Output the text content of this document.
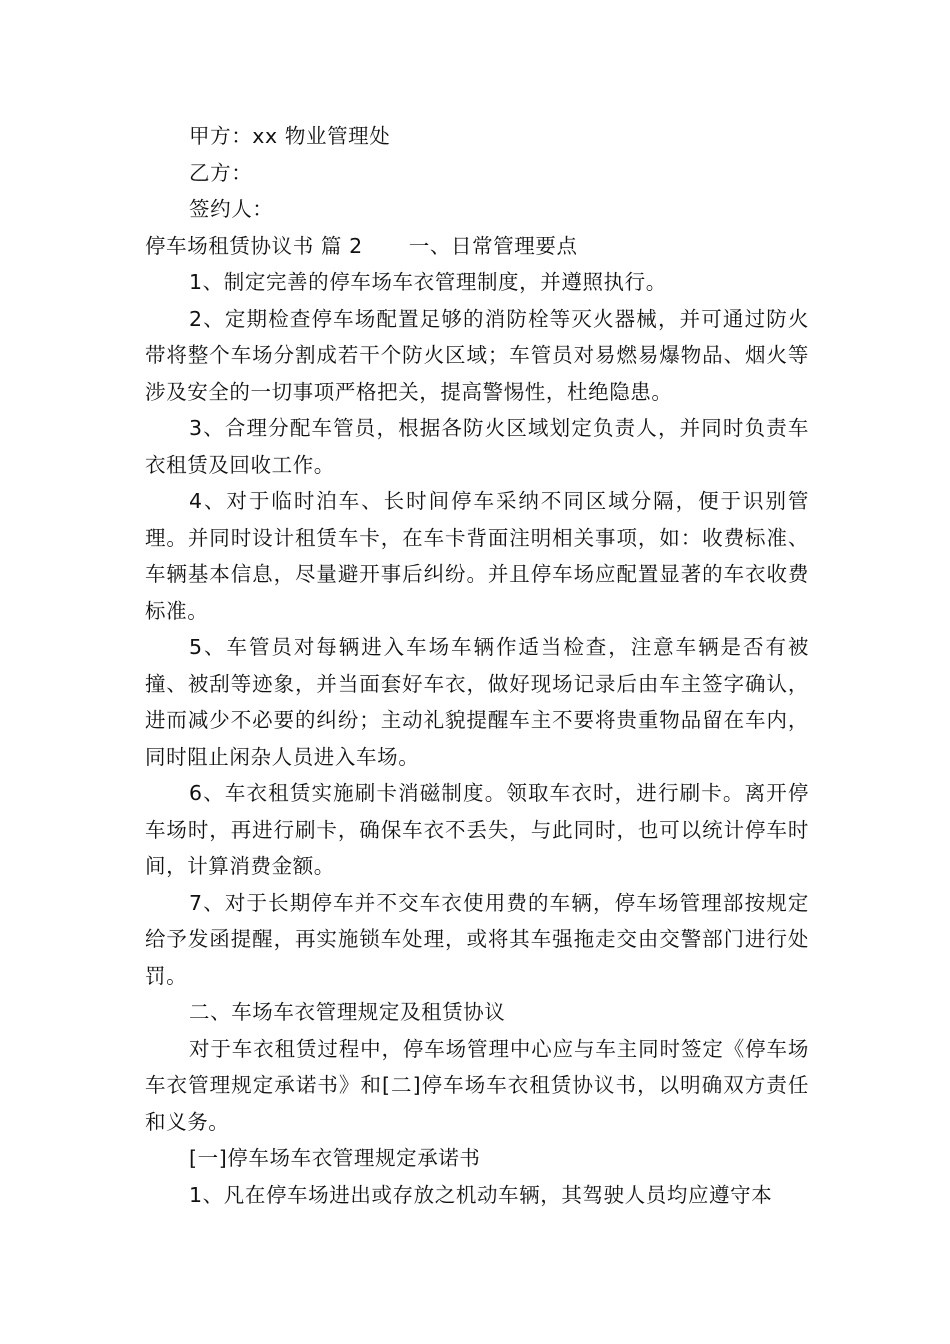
甲方：xx 物业管理处
乙方：
签约人：
停车场租赁协议书 篇 2 一、日常管理要点

1、制定完善的停车场车衣管理制度，并遵照执行。

2、定期检查停车场配置足够的消防栓等灭火器械，并可通过防火带将整个车场分割成若干个防火区域；车管员对易燃易爆物品、烟火等涉及安全的一切事项严格把关，提高警惕性，杜绝隐患。

3、合理分配车管员，根据各防火区域划定负责人，并同时负责车衣租赁及回收工作。

4、对于临时泊车、长时间停车采纳不同区域分隔，便于识别管理。并同时设计租赁车卡，在车卡背面注明相关事项，如：收费标准、车辆基本信息，尽量避开事后纠纷。并且停车场应配置显著的车衣收费标准。

5、车管员对每辆进入车场车辆作适当检查，注意车辆是否有被撞、被刮等迹象，并当面套好车衣，做好现场记录后由车主签字确认，进而减少不必要的纠纷；主动礼貌提醒车主不要将贵重物品留在车内，同时阻止闲杂人员进入车场。

6、车衣租赁实施刷卡消磁制度。领取车衣时，进行刷卡。离开停车场时，再进行刷卡，确保车衣不丢失，与此同时，也可以统计停车时间，计算消费金额。

7、对于长期停车并不交车衣使用费的车辆，停车场管理部按规定给予发函提醒，再实施锁车处理，或将其车强拖走交由交警部门进行处罚。

二、车场车衣管理规定及租赁协议

对于车衣租赁过程中，停车场管理中心应与车主同时签定《停车场车衣管理规定承诺书》和[二]停车场车衣租赁协议书，以明确双方责任和义务。

[一]停车场车衣管理规定承诺书

1、凡在停车场进出或存放之机动车辆，其驾驶人员均应遵守本
